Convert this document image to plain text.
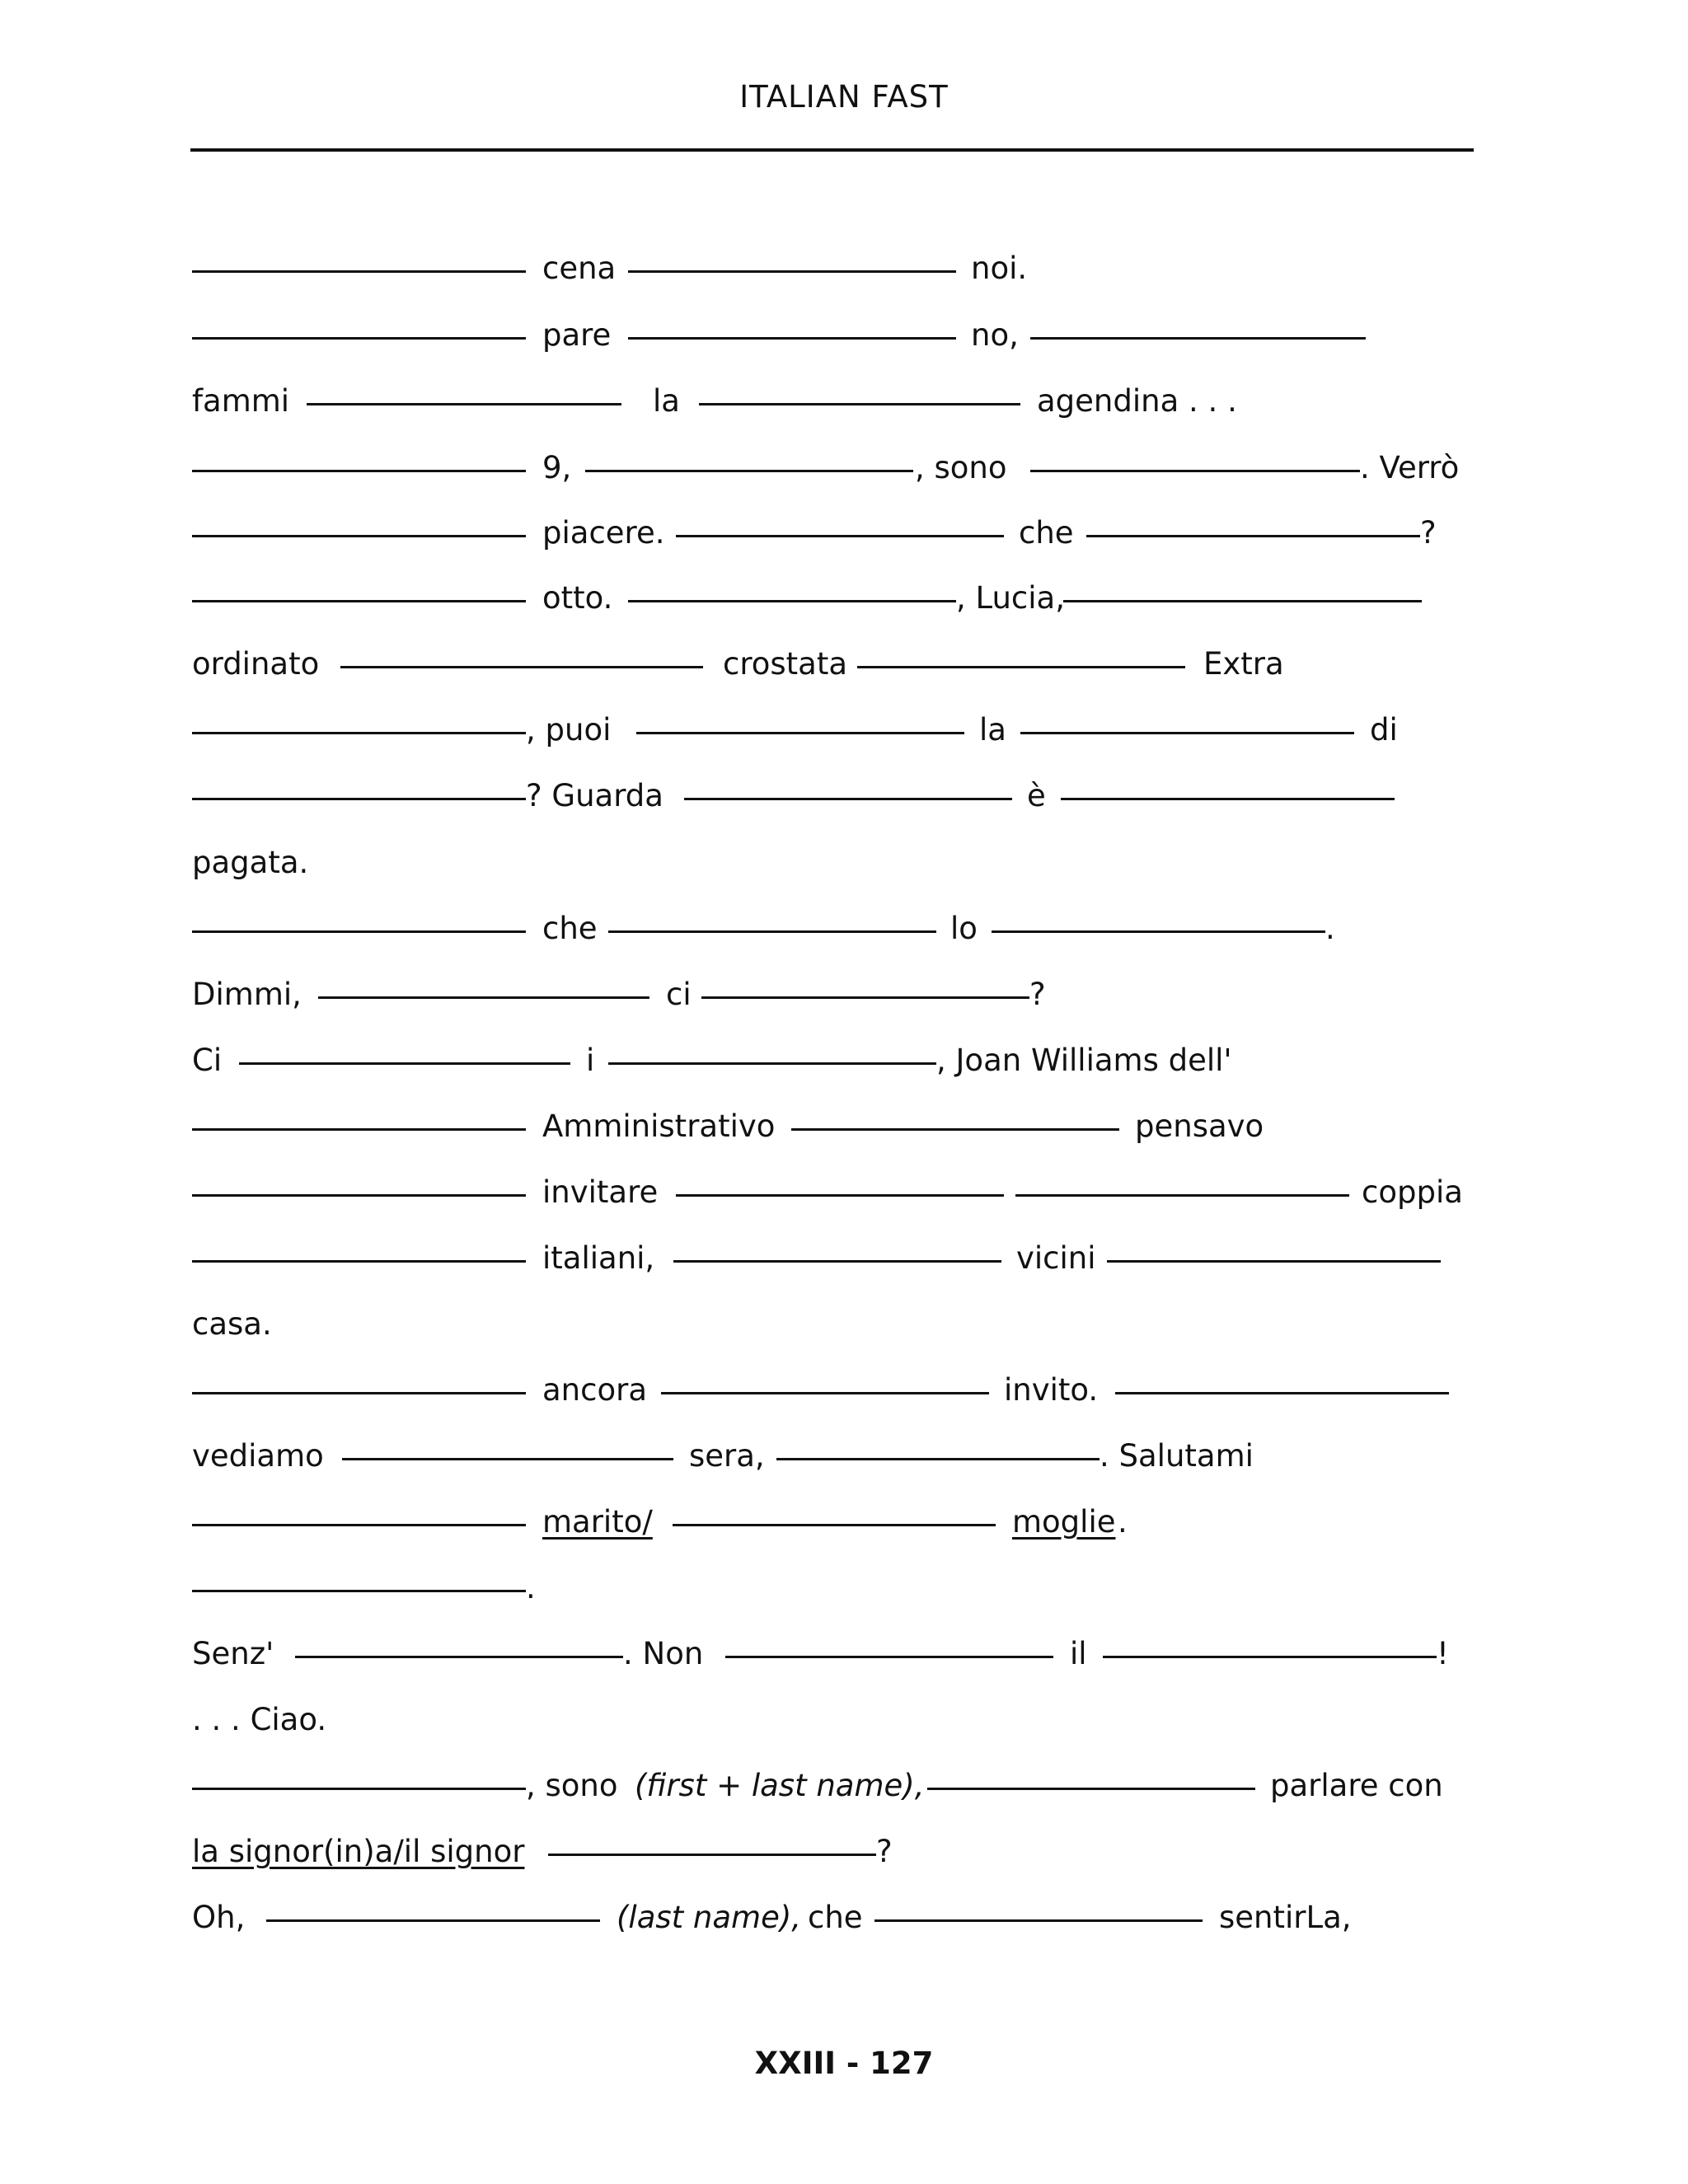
ITALIAN FAST
cena	noi.
pare	no,
fammi	la	agendina . . .
9,	, sono	. Verrò
piacere.	che	?
otto.	, Lucia,
ordinato	crostata	Extra
, puoi	la	di
? Guarda	è
pagata.
che	lo	.
Dimmi,	ci	?
Ci	i	, Joan Williams dell'
Amministrativo	pensavo
invitare	coppia
italiani,	vicini
casa.
ancora	invito.
vediamo	sera,	. Salutami
marito/	moglie .
.
Senz'	. Non	il	!
. . . Ciao.
, sono (first + last name),	parlare con
la signor(in)a/il signor	?
Oh,	(last name), che	sentirLa,
XXIII - 127
